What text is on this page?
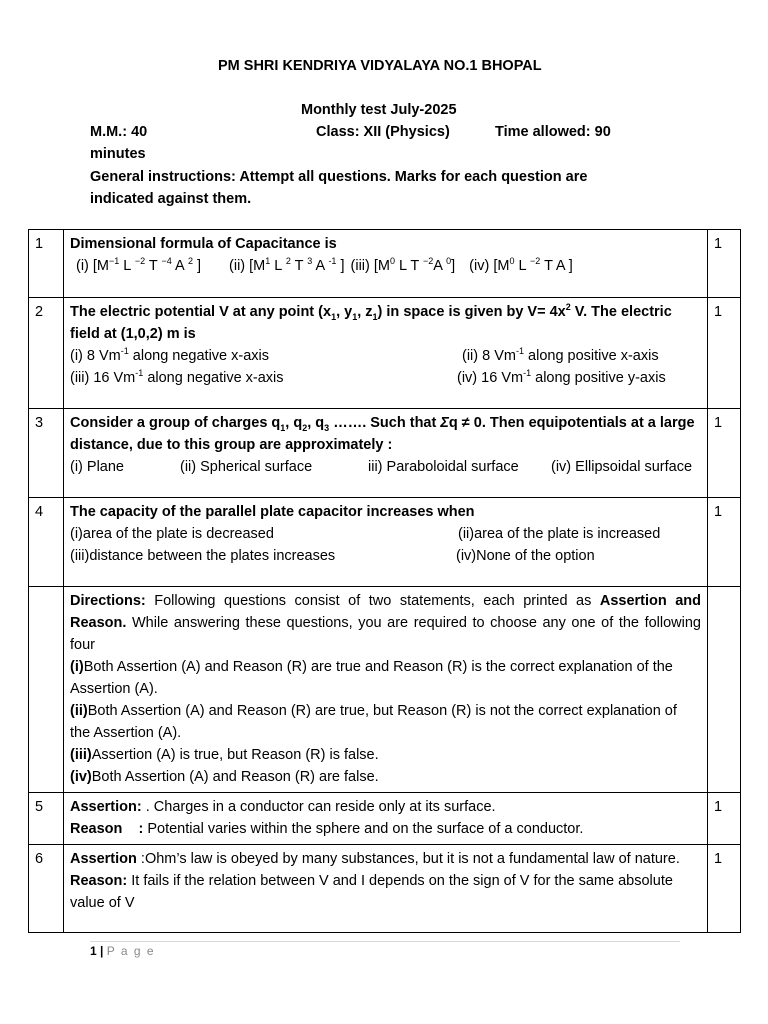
PM SHRI KENDRIYA VIDYALAYA NO.1 BHOPAL
Monthly test July-2025
M.M.: 40	Class: XII (Physics)	Time allowed: 90
minutes
General instructions: Attempt all questions. Marks for each question are indicated against them.
1	Dimensional formula of Capacitance is
(i) [$M^{-1}$ L $^{-2}$ T $^{-4}$ A $^2$ ] (ii) [$M^1$ L $^2$ T $^3$ A $^{-1}$ ] (iii) [$M^0$ L T $^{-2}$A $^0$] (iv) [$M^0$ L $^{-2}$ T A ]	1
2	The electric potential V at any point ($x_1$, $y_1$, $z_1$) in space is given by $V= 4x^2$ V. The electric field at (1,0,2) m is
(i) 8 $Vm^{-1}$ along negative x-axis (ii) 8 $Vm^{-1}$ along positive x-axis
(iii) 16 $Vm^{-1}$ along negative x-axis (iv) 16 $Vm^{-1}$ along positive y-axis	1
3	Consider a group of charges $q_1$, $q_2$, $q_3$ ……. Such that Σq ≠ 0. Then equipotentials at a large distance, due to this group are approximately :
(i) Plane (ii) Spherical surface iii) Paraboloidal surface (iv) Ellipsoidal surface	1
4	The capacity of the parallel plate capacitor increases when
(i)area of the plate is decreased (ii)area of the plate is increased
(iii)distance between the plates increases (iv)None of the option	1

	Directions: Following questions consist of two statements, each printed as Assertion and Reason. While answering these questions, you are required to choose any one of the following four
(i)Both Assertion (A) and Reason (R) are true and Reason (R) is the correct explanation of the Assertion (A).
(ii)Both Assertion (A) and Reason (R) are true, but Reason (R) is not the correct explanation of the Assertion (A).
(iii)Assertion (A) is true, but Reason (R) is false.
(iv)Both Assertion (A) and Reason (R) are false.	

5	Assertion: . Charges in a conductor can reside only at its surface.
Reason    : Potential varies within the sphere and on the surface of a conductor.	1
6	Assertion :Ohm’s law is obeyed by many substances, but it is not a fundamental law of nature.
Reason: It fails if the relation between V and I depends on the sign of V for the same absolute value of V	1
1 | P a g e
